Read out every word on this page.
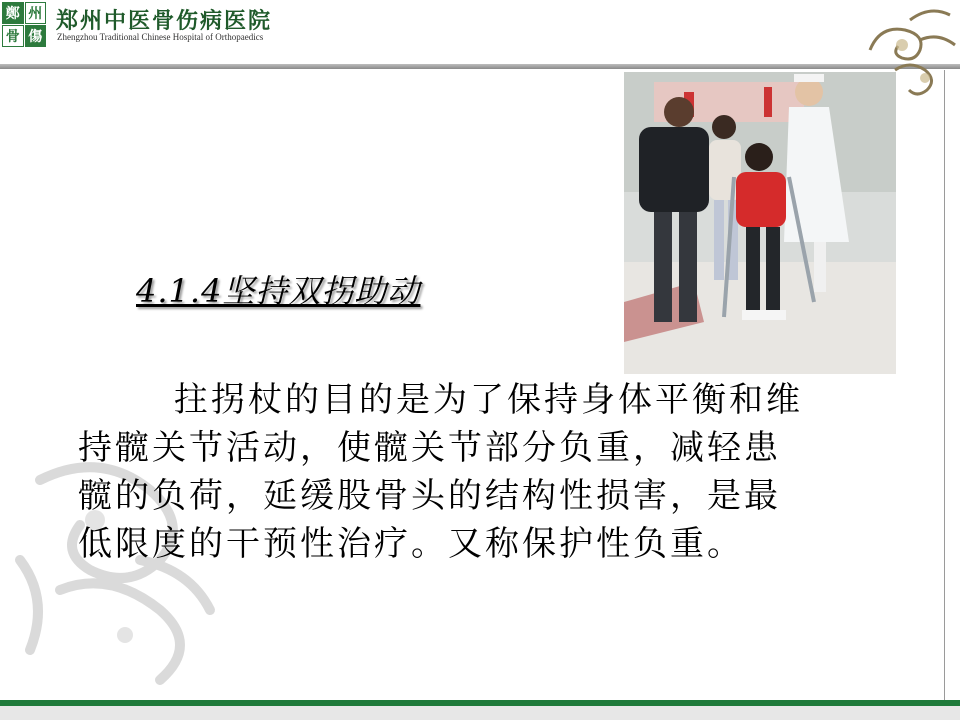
鄭 州
骨 傷
郑州中医骨伤病医院
Zhengzhou Traditional Chinese Hospital of Orthopaedics
4.1.4坚持双拐助动

拄拐杖的目的是为了保持身体平衡和维

持髋关节活动，使髋关节部分负重，减轻患

髋的负荷，延缓股骨头的结构性损害，是最

低限度的干预性治疗。又称保护性负重。
